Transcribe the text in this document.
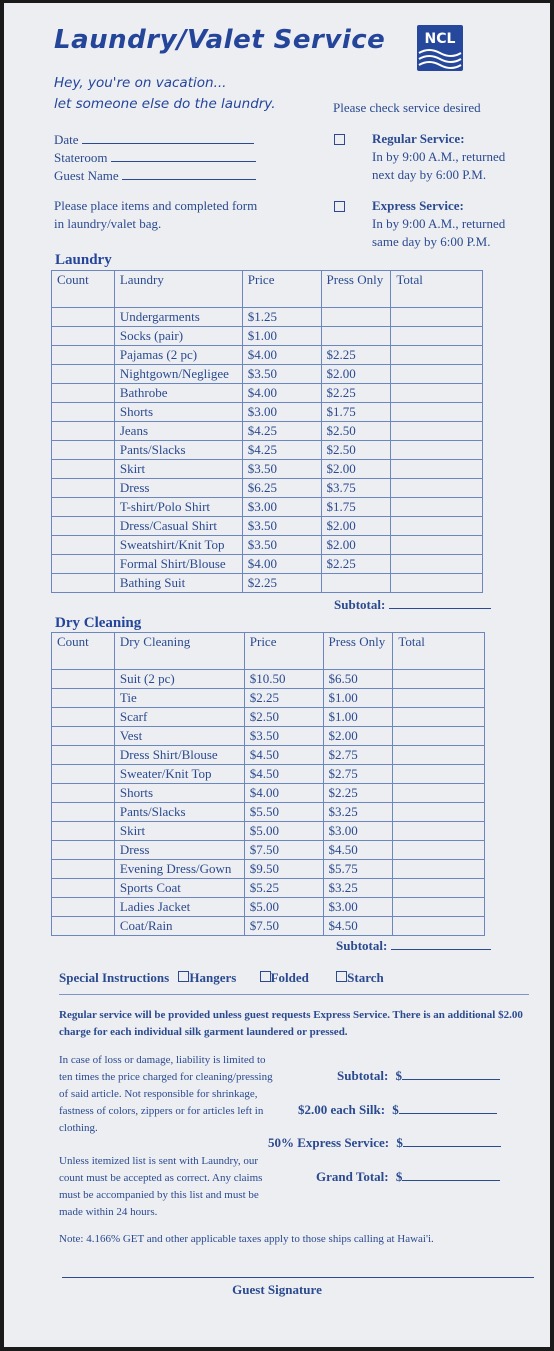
Laundry/Valet Service	NCL
Hey, you're on vacation...
let someone else do the laundry.	Please check service desired
Date
Stateroom
Guest Name
Please place items and completed form
in laundry/valet bag.
Regular Service:
In by 9:00 A.M., returned
next day by 6:00 P.M.
Express Service:
In by 9:00 A.M., returned
same day by 6:00 P.M.
Laundry
Count	Laundry	Price	Press Only	Total
	Undergarments	$1.25		
	Socks (pair)	$1.00		
	Pajamas (2 pc)	$4.00	$2.25	
	Nightgown/Negligee	$3.50	$2.00	
	Bathrobe	$4.00	$2.25	
	Shorts	$3.00	$1.75	
	Jeans	$4.25	$2.50	
	Pants/Slacks	$4.25	$2.50	
	Skirt	$3.50	$2.00	
	Dress	$6.25	$3.75	
	T-shirt/Polo Shirt	$3.00	$1.75	
	Dress/Casual Shirt	$3.50	$2.00	
	Sweatshirt/Knit Top	$3.50	$2.00	
	Formal Shirt/Blouse	$4.00	$2.25	
	Bathing Suit	$2.25		
Subtotal:
Dry Cleaning
Count	Dry Cleaning	Price	Press Only	Total
	Suit (2 pc)	$10.50	$6.50	
	Tie	$2.25	$1.00	
	Scarf	$2.50	$1.00	
	Vest	$3.50	$2.00	
	Dress Shirt/Blouse	$4.50	$2.75	
	Sweater/Knit Top	$4.50	$2.75	
	Shorts	$4.00	$2.25	
	Pants/Slacks	$5.50	$3.25	
	Skirt	$5.00	$3.00	
	Dress	$7.50	$4.50	
	Evening Dress/Gown	$9.50	$5.75	
	Sports Coat	$5.25	$3.25	
	Ladies Jacket	$5.00	$3.00	
	Coat/Rain	$7.50	$4.50	
Subtotal:
Special Instructions Hangers	Folded	Starch
Regular service will be provided unless guest requests Express Service. There is an additional $2.00 charge for each individual silk garment laundered or pressed.
In case of loss or damage, liability is limited to
ten times the price charged for cleaning/pressing
of said article. Not responsible for shrinkage,
fastness of colors, zippers or for articles left in
clothing.
Unless itemized list is sent with Laundry, our
count must be accepted as correct. Any claims
must be accompanied by this list and must be
made within 24 hours.
Subtotal: $
$2.00 each Silk: $
50% Express Service: $
Grand Total: $
Note: 4.166% GET and other applicable taxes apply to those ships calling at Hawai'i.
Guest Signature
